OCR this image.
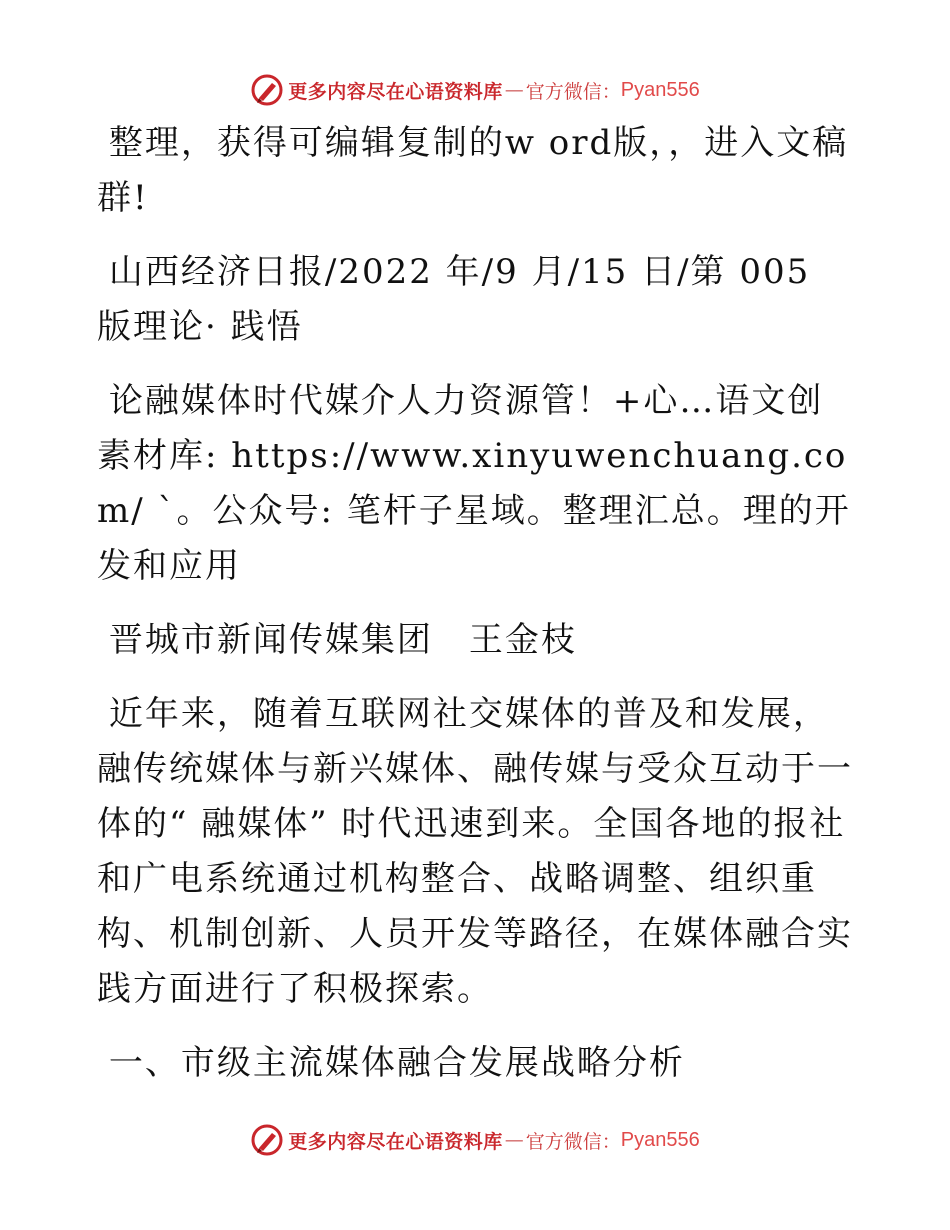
更多内容尽在心语资料库 — 官方微信： Pyan556

整理，获得可编辑复制的w ord版，，进入文稿群!

山西经济日报/2022 年/9 月/15 日/第 005 版理论· 践悟

论融媒体时代媒介人力资源管！+心…语文创素材库: https://www.xinyuwenchuang.com/ `。公众号: 笔杆子星域。整理汇总。理的开发和应用

晋城市新闻传媒集团　王金枝

近年来，随着互联网社交媒体的普及和发展，融传统媒体与新兴媒体、融传媒与受众互动于一体的“ 融媒体” 时代迅速到来。全国各地的报社和广电系统通过机构整合、战略调整、组织重构、机制创新、人员开发等路径，在媒体融合实践方面进行了积极探索。

一、市级主流媒体融合发展战略分析

更多内容尽在心语资料库 — 官方微信： Pyan556
